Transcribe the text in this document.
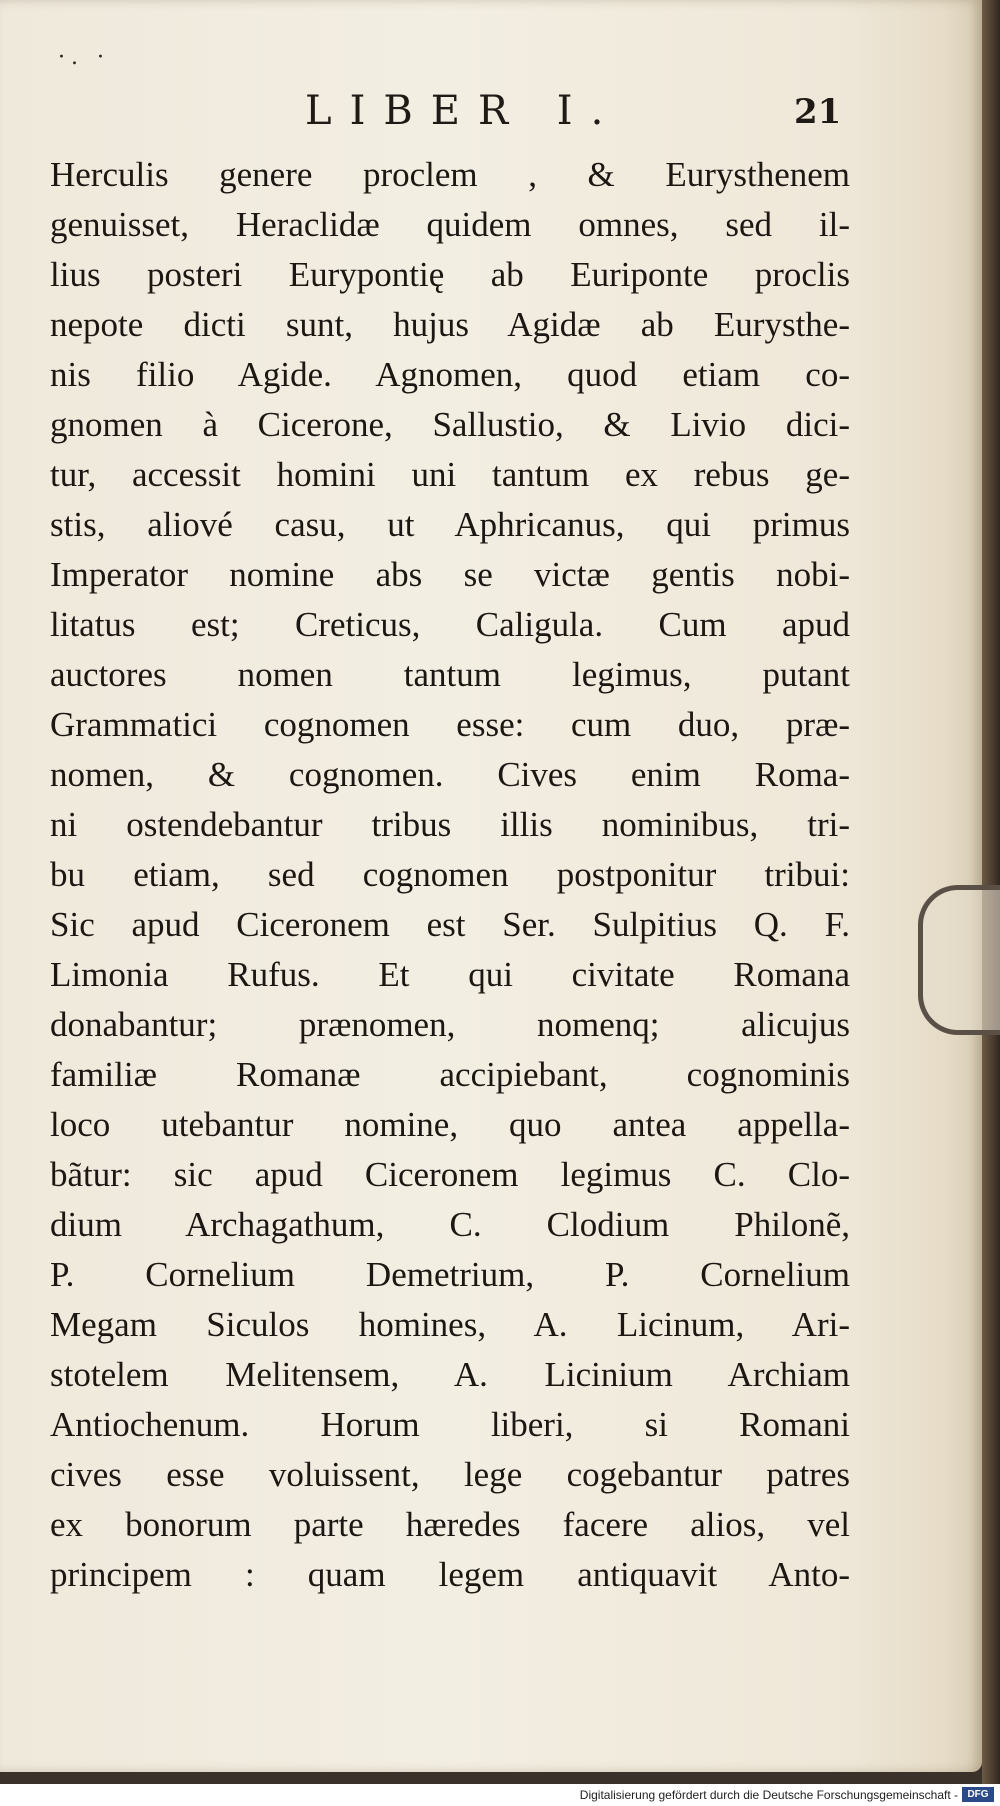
·. ·
LIBER I.	21
Herculis genere proclem , & Eurysthenem
genuisset, Heraclidæ quidem omnes, sed il-
lius posteri Eurypontię ab Euriponte proclis
nepote dicti sunt, hujus Agidæ ab Eurysthe-
nis filio Agide. Agnomen, quod etiam co-
gnomen à Cicerone, Sallustio, & Livio dici-
tur, accessit homini uni tantum ex rebus ge-
stis, aliové casu, ut Aphricanus, qui primus
Imperator nomine abs se victæ gentis nobi-
litatus est; Creticus, Caligula. Cum apud
auctores nomen tantum legimus, putant
Grammatici cognomen esse: cum duo, præ-
nomen, & cognomen. Cives enim Roma-
ni ostendebantur tribus illis nominibus, tri-
bu etiam, sed cognomen postponitur tribui:
Sic apud Ciceronem est Ser. Sulpitius Q. F.
Limonia Rufus. Et qui civitate Romana
donabantur; prænomen, nomenq; alicujus
familiæ Romanæ accipiebant, cognominis
loco utebantur nomine, quo antea appella-
bãtur: sic apud Ciceronem legimus C. Clo-
dium Archagathum, C. Clodium Philonẽ,
P. Cornelium Demetrium, P. Cornelium
Megam Siculos homines, A. Licinum, Ari-
stotelem Melitensem, A. Licinium Archiam
Antiochenum. Horum liberi, si Romani
cives esse voluissent, lege cogebantur patres
ex bonorum parte hæredes facere alios, vel
principem : quam legem antiquavit Anto-
Digitalisierung gefördert durch die Deutsche Forschungsgemeinschaft - DFG
